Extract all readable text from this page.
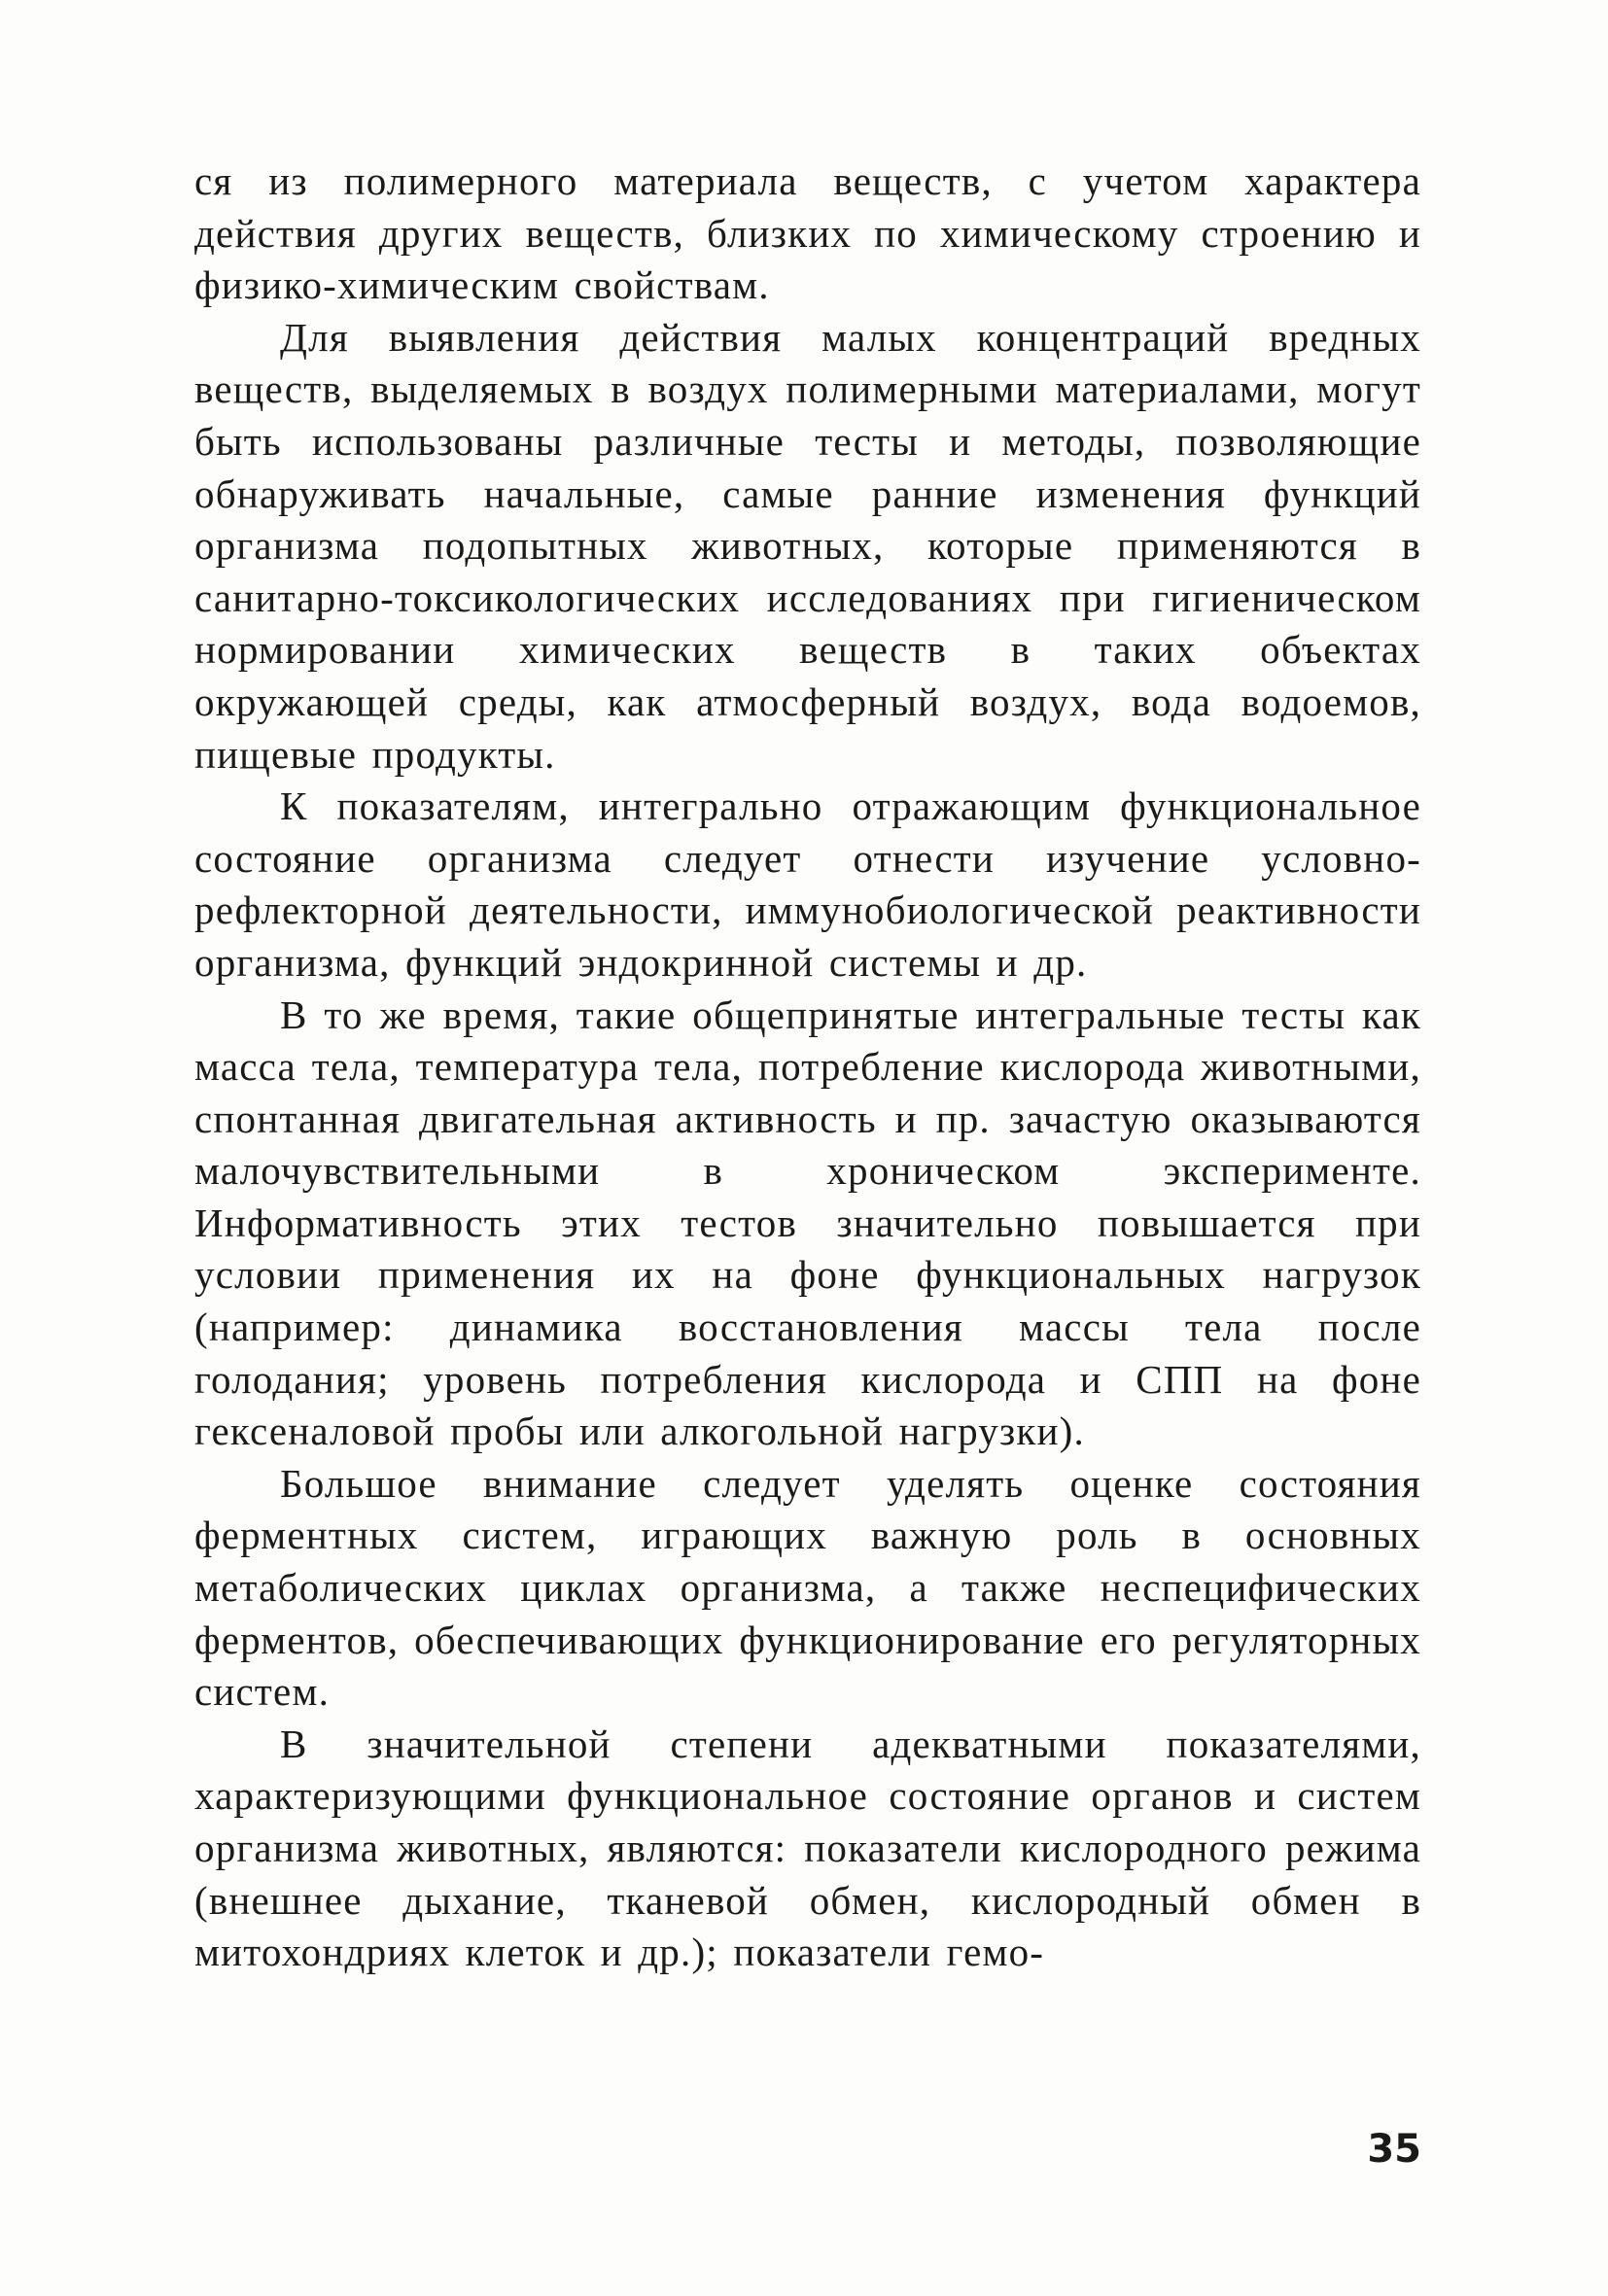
ся из полимерного материала веществ, с учетом характера действия других веществ, близких по химическому строению и физико-химическим свойствам.

Для выявления действия малых концентраций вредных веществ, выделяемых в воздух полимерными материалами, могут быть использованы различные тесты и методы, позволяющие обнаруживать начальные, самые ранние изменения функций организма подопытных животных, которые применяются в санитарно-токсикологических исследованиях при гигиеническом нормировании химических веществ в таких объектах окружающей среды, как атмосферный воздух, вода водоемов, пищевые продукты.

К показателям, интегрально отражающим функциональное состояние организма следует отнести изучение условно-рефлекторной деятельности, иммунобиологической реактивности организма, функций эндокринной системы и др.

В то же время, такие общепринятые интегральные тесты как масса тела, температура тела, потребление кислорода животными, спонтанная двигательная активность и пр. зачастую оказываются малочувствительными в хроническом эксперименте. Информативность этих тестов значительно повышается при условии применения их на фоне функциональных нагрузок (например: динамика восстановления массы тела после голодания; уровень потребления кислорода и СПП на фоне гексеналовой пробы или алкогольной нагрузки).

Большое внимание следует уделять оценке состояния ферментных систем, играющих важную роль в основных метаболических циклах организма, а также неспецифических ферментов, обеспечивающих функционирование его регуляторных систем.

В значительной степени адекватными показателями, характеризующими функциональное состояние органов и систем организма животных, являются: показатели кислородного режима (внешнее дыхание, тканевой обмен, кислородный обмен в митохондриях клеток и др.); показатели гемо-

35
